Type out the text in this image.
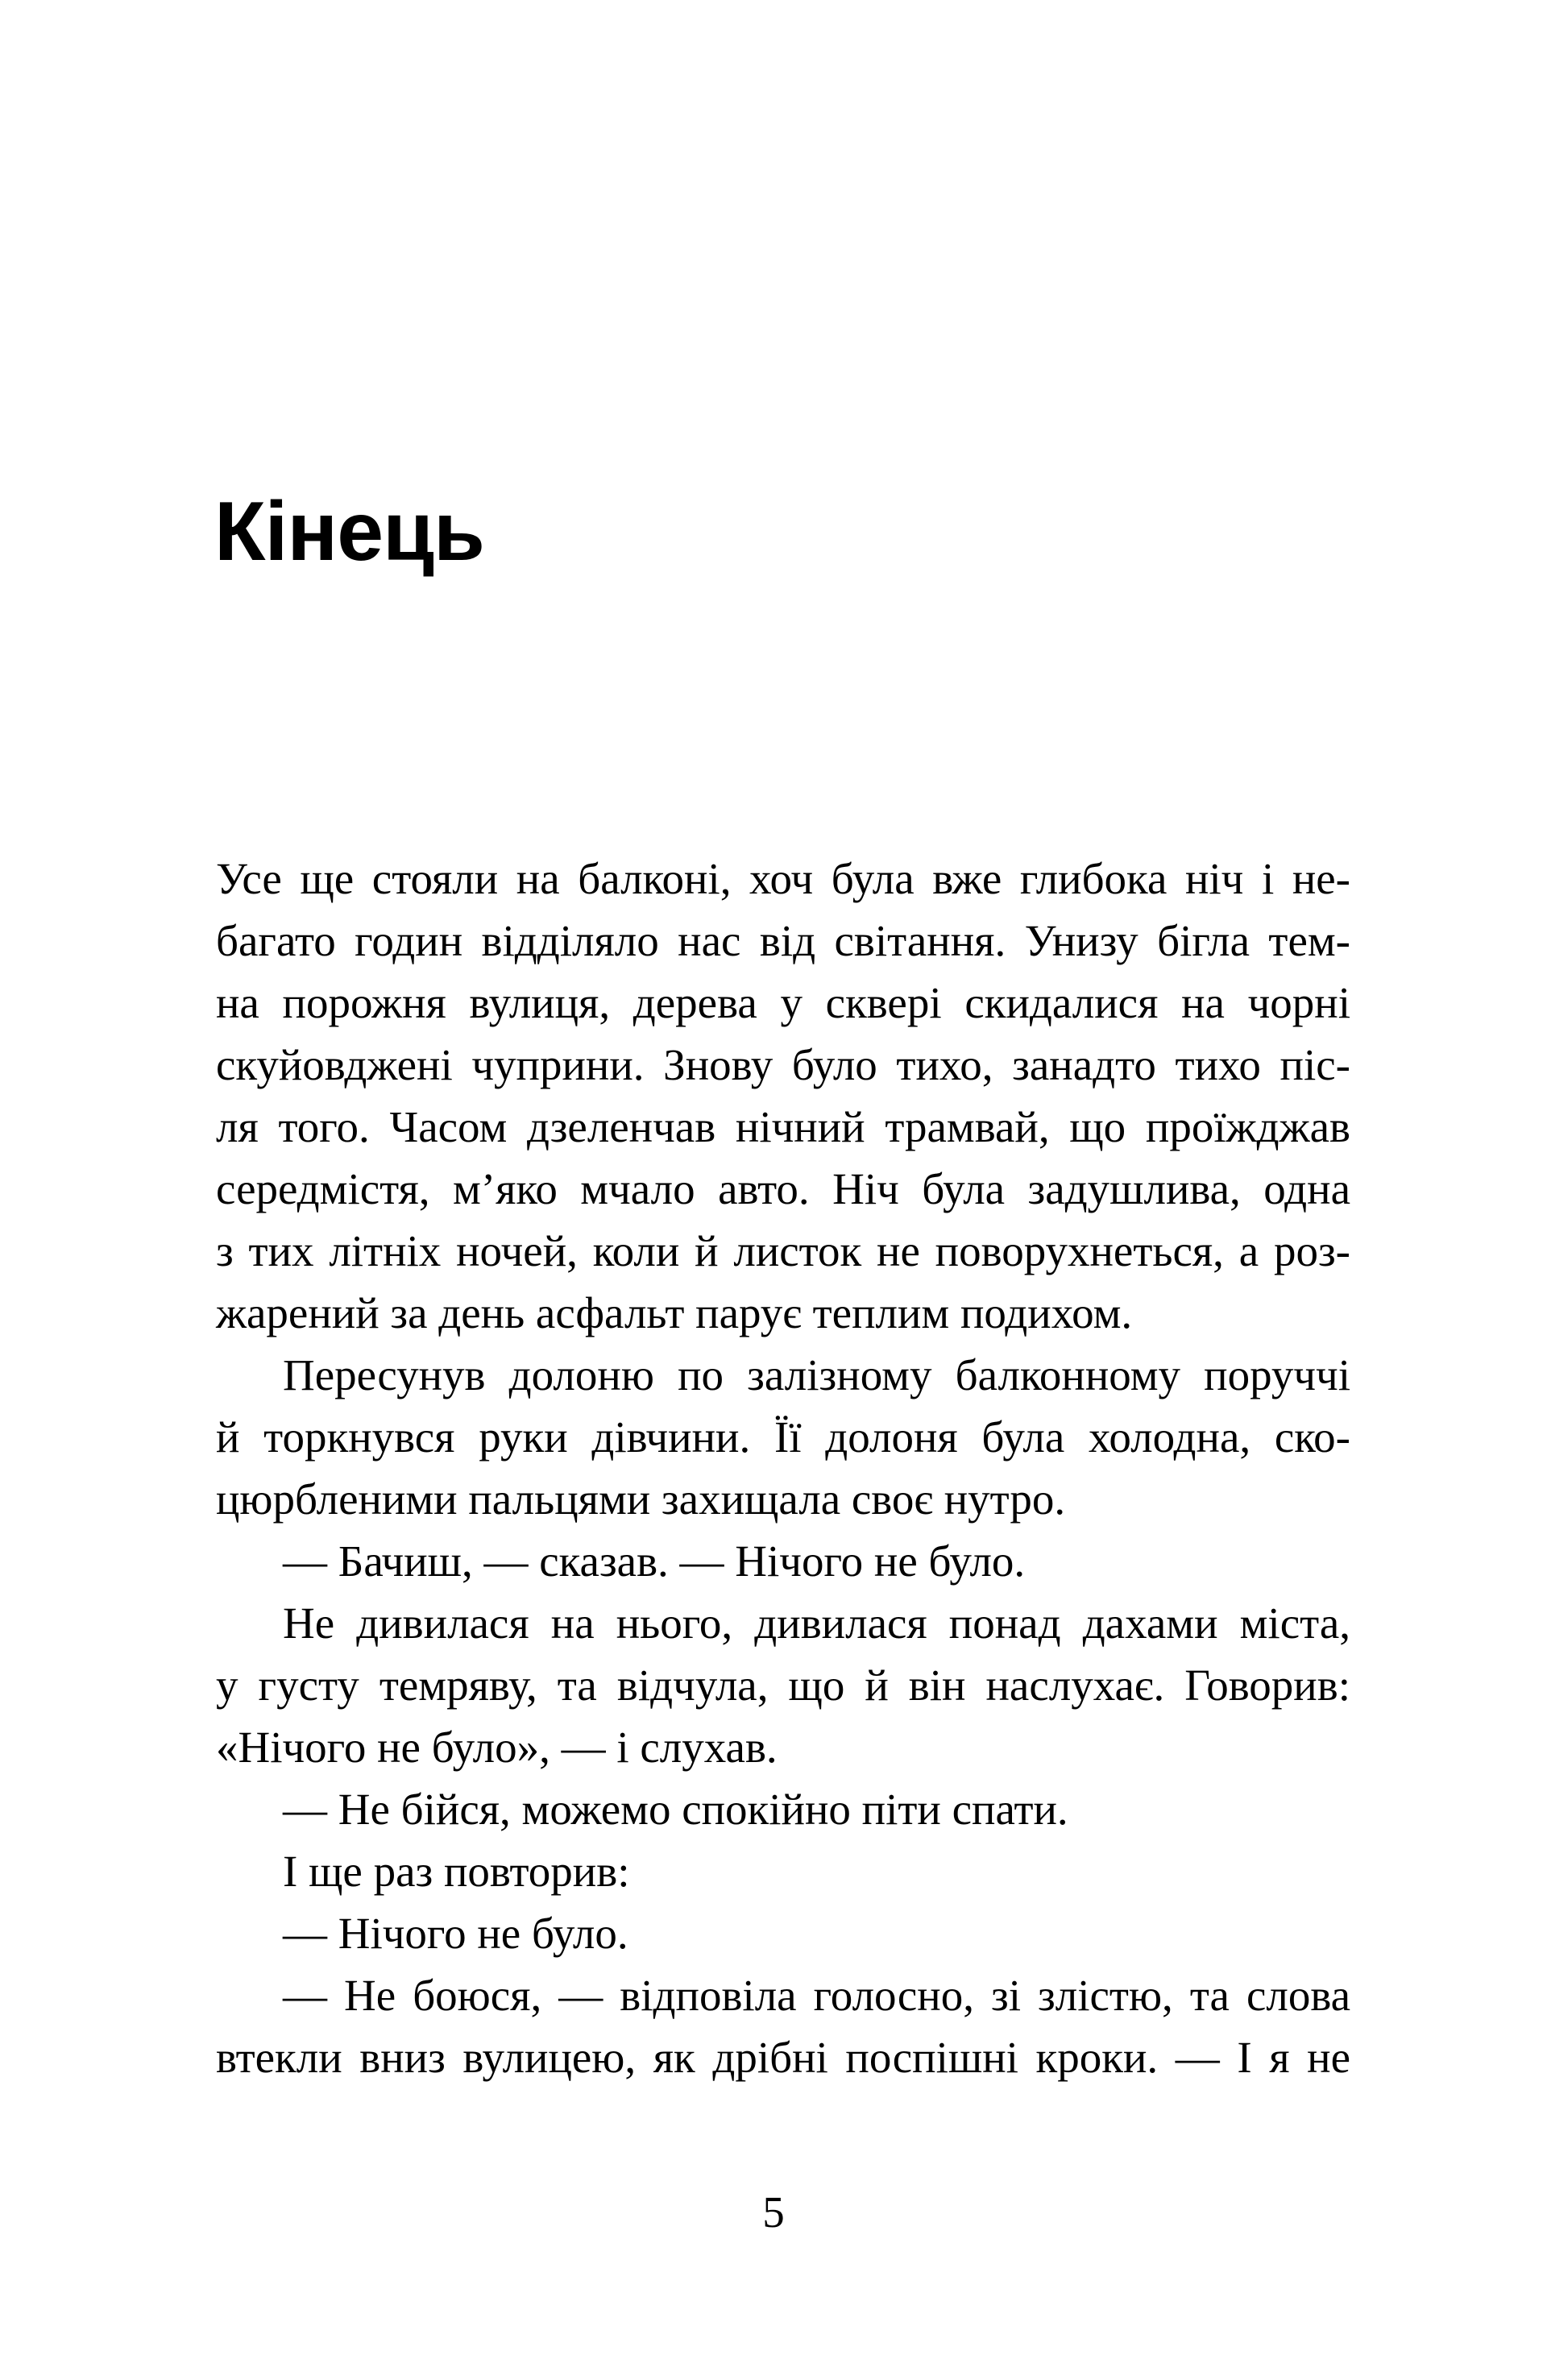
Кінець
Усе ще стояли на балконі, хоч була вже глибока ніч і не-
багато годин відділяло нас від світання. Унизу бігла тем-
на порожня вулиця, дерева у сквері скидалися на чорні
скуйовджені чуприни. Знову було тихо, занадто тихо піс-
ля того. Часом дзеленчав нічний трамвай, що проїжджав
середмістя, м’яко мчало авто. Ніч була задушлива, одна
з тих літніх ночей, коли й листок не поворухнеться, а роз-
жарений за день асфальт парує теплим подихом.
Пересунув долоню по залізному балконному поруччі
й торкнувся руки дівчини. Її долоня була холодна, ско-
цюрбленими пальцями захищала своє нутро.
— Бачиш, — сказав. — Нічого не було.
Не дивилася на нього, дивилася понад дахами міста,
у густу темряву, та відчула, що й він наслухає. Говорив:
«Нічого не було», — і слухав.
— Не бійся, можемо спокійно піти спати.
І ще раз повторив:
— Нічого не було.
— Не боюся, — відповіла голосно, зі злістю, та слова
втекли вниз вулицею, як дрібні поспішні кроки. — І я не
5
